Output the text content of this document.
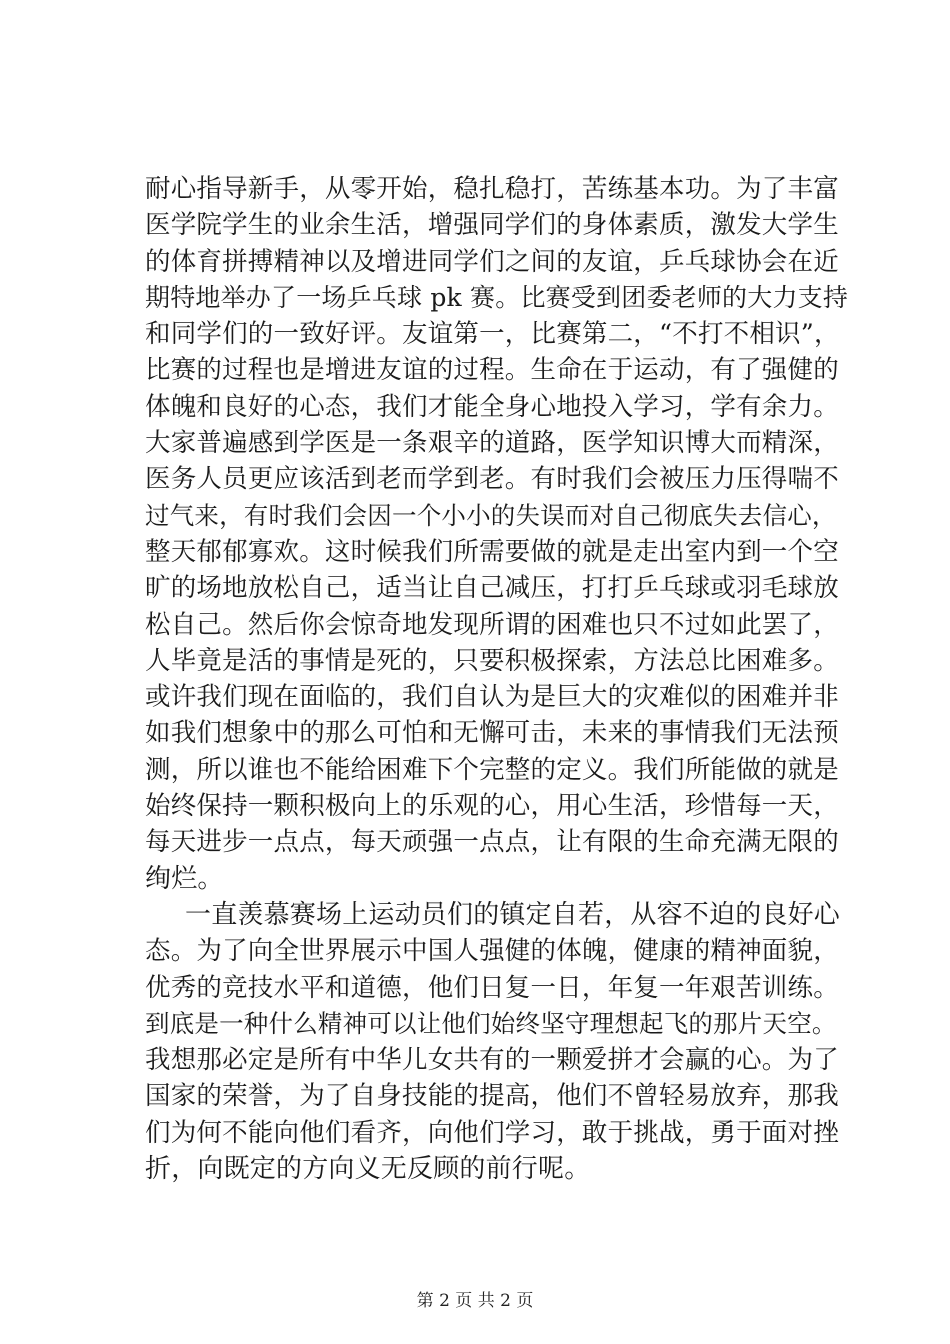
耐心指导新手，从零开始，稳扎稳打，苦练基本功。为了丰富
医学院学生的业余生活，增强同学们的身体素质，激发大学生
的体育拼搏精神以及增进同学们之间的友谊，乒乓球协会在近
期特地举办了一场乒乓球 pk 赛。比赛受到团委老师的大力支持
和同学们的一致好评。友谊第一，比赛第二，“不打不相识”，
比赛的过程也是增进友谊的过程。生命在于运动，有了强健的
体魄和良好的心态，我们才能全身心地投入学习，学有余力。
大家普遍感到学医是一条艰辛的道路，医学知识博大而精深，
医务人员更应该活到老而学到老。有时我们会被压力压得喘不
过气来，有时我们会因一个小小的失误而对自己彻底失去信心，
整天郁郁寡欢。这时候我们所需要做的就是走出室内到一个空
旷的场地放松自己，适当让自己减压，打打乒乓球或羽毛球放
松自己。然后你会惊奇地发现所谓的困难也只不过如此罢了，
人毕竟是活的事情是死的，只要积极探索，方法总比困难多。
或许我们现在面临的，我们自认为是巨大的灾难似的困难并非
如我们想象中的那么可怕和无懈可击，未来的事情我们无法预
测，所以谁也不能给困难下个完整的定义。我们所能做的就是
始终保持一颗积极向上的乐观的心，用心生活，珍惜每一天，
每天进步一点点，每天顽强一点点，让有限的生命充满无限的
绚烂。
一直羡慕赛场上运动员们的镇定自若，从容不迫的良好心
态。为了向全世界展示中国人强健的体魄，健康的精神面貌，
优秀的竞技水平和道德，他们日复一日，年复一年艰苦训练。
到底是一种什么精神可以让他们始终坚守理想起飞的那片天空。
我想那必定是所有中华儿女共有的一颗爱拼才会赢的心。为了
国家的荣誉，为了自身技能的提高，他们不曾轻易放弃，那我
们为何不能向他们看齐，向他们学习，敢于挑战，勇于面对挫
折，向既定的方向义无反顾的前行呢。
第 2 页 共 2 页
